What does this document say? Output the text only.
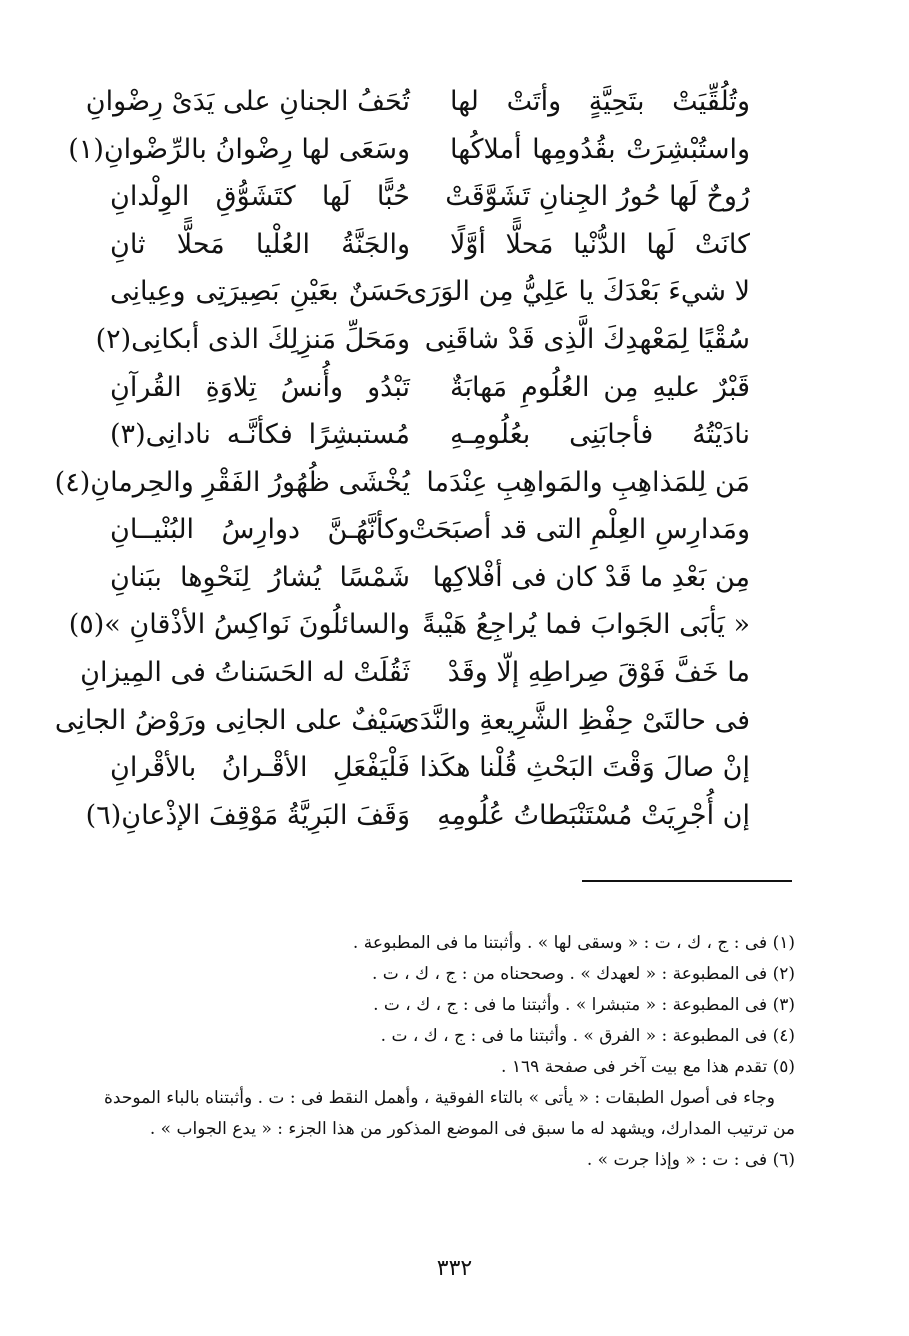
وتُلُقِّيَتْ بتَحِيَّةٍ وأتَتْ لها
تُحَفُ الجنانِ على يَدَىْ رِضْوانِ
واستُبْشِرَتْ بقُدُومِها أملاكُها
وسَعَى لها رِضْوانُ بالرِّضْوانِ(١)
رُوحٌ لَها حُورُ الجِنانِ تَشَوَّقَتْ
حُبًّا لَها كتَشَوُّقِ الوِلْدانِ
كانَتْ لَها الدُّنْيا مَحلًّا أوَّلًا
والجَنَّةُ العُلْيا مَحلًّا ثانِ
لا شيءَ بَعْدَكَ يا عَلِيُّ مِن الوَرَى
حَسَنٌ بعَيْنِ بَصِيرَتِى وعِيانِى
سُقْيًا لِمَعْهدِكَ الَّذِى قَدْ شاقَنِى
ومَحَلِّ مَنزِلِكَ الذى أبكانِى(٢)
قَبْرٌ عليهِ مِن العُلُومِ مَهابَةٌ
تَبْدُو وأُنسُ تِلاوَةِ القُرآنِ
نادَيْتُهُ فأجابَنِى بعُلُومِـهِ
مُستبشِرًا فكأنَّـه نادانِى(٣)
مَن لِلمَذاهِبِ والمَواهِبِ عِنْدَما
يُخْشَى ظُهُورُ الفَقْرِ والحِرمانِ(٤)
ومَدارِسِ العِلْمِ التى قد أصبَحَتْ
وكأنَّهُـنَّ دوارِسُ البُنْيــانِ
مِن بَعْدِ ما قَدْ كان فى أفْلاكِها
شَمْسًا يُشارُ لِنَحْوِها ببَنانِ
« يَأبَى الجَوابَ فما يُراجِعُ هَيْبةً
والسائلُونَ نَواكِسُ الأذْقانِ »(٥)
ما خَفَّ فَوْقَ صِراطِهِ إلّا وقَدْ
ثَقُلَتْ له الحَسَناتُ فى المِيزانِ
فى حالتَىْ حِفْظِ الشَّرِيعةِ والنَّدَى
سَيْفٌ على الجانِى ورَوْضُ الجانِى
إنْ صالَ وَقْتَ البَحْثِ قُلْنا هكَذا
فَلْيَفْعَلِ الأقْـرانُ بالأقْرانِ
إن أُجْرِيَتْ مُسْتَنْبَطاتُ عُلُومِهِ
وَقَفَ البَرِيَّةُ مَوْقِفَ الإذْعانِ(٦)
(١) فى : ج ، ك ، ت : « وسقى لها » . وأثبتنا ما فى المطبوعة .
(٢) فى المطبوعة : « لعهدك » . وصححناه من : ج ، ك ، ت .
(٣) فى المطبوعة : « متبشرا » . وأثبتنا ما فى : ج ، ك ، ت .
(٤) فى المطبوعة : « الفرق » . وأثبتنا ما فى : ج ، ك ، ت .
(٥) تقدم هذا مع بيت آخر فى صفحة ١٦٩ .
وجاء فى أصول الطبقات : « يأتى » بالتاء الفوقية ، وأهمل النقط فى : ت . وأثبتناه بالباء الموحدة من ترتيب المدارك، ويشهد له ما سبق فى الموضع المذكور من هذا الجزء : « يدع الجواب » .
(٦) فى : ت : « وإذا جرت » .
٣٣٢
